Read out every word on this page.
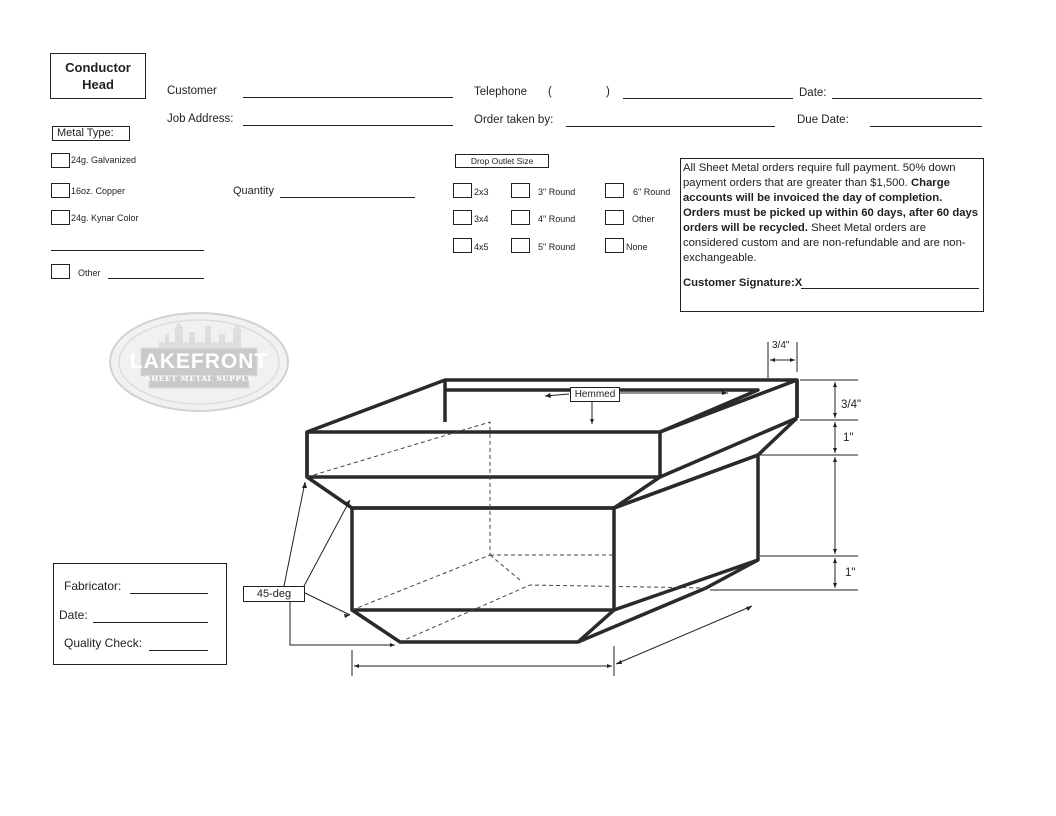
Conductor
Head	Customer	Telephone (	)	Date:
Job Address:	Order taken by:	Due Date:
Metal Type:
24g. Galvanized
16oz. Copper
24g. Kynar Color
Other
Quantity
Drop Outlet Size
2x3
3x4
4x5
3" Round
4" Round
5" Round
6" Round
Other
None
All Sheet Metal orders require full payment. 50% down payment orders that are greater than $1,500. Charge accounts will be invoiced the day of completion. Orders must be picked up within 60 days, after 60 days orders will be recycled. Sheet Metal orders are considered custom and are non-refundable and are non-exchangeable.
Customer Signature:X
LAKEFRONT
SHEET METAL SUPPLY
Hemmed
45-deg
3/4"
3/4"
1"
1"
Fabricator:
Date:
Quality Check:
